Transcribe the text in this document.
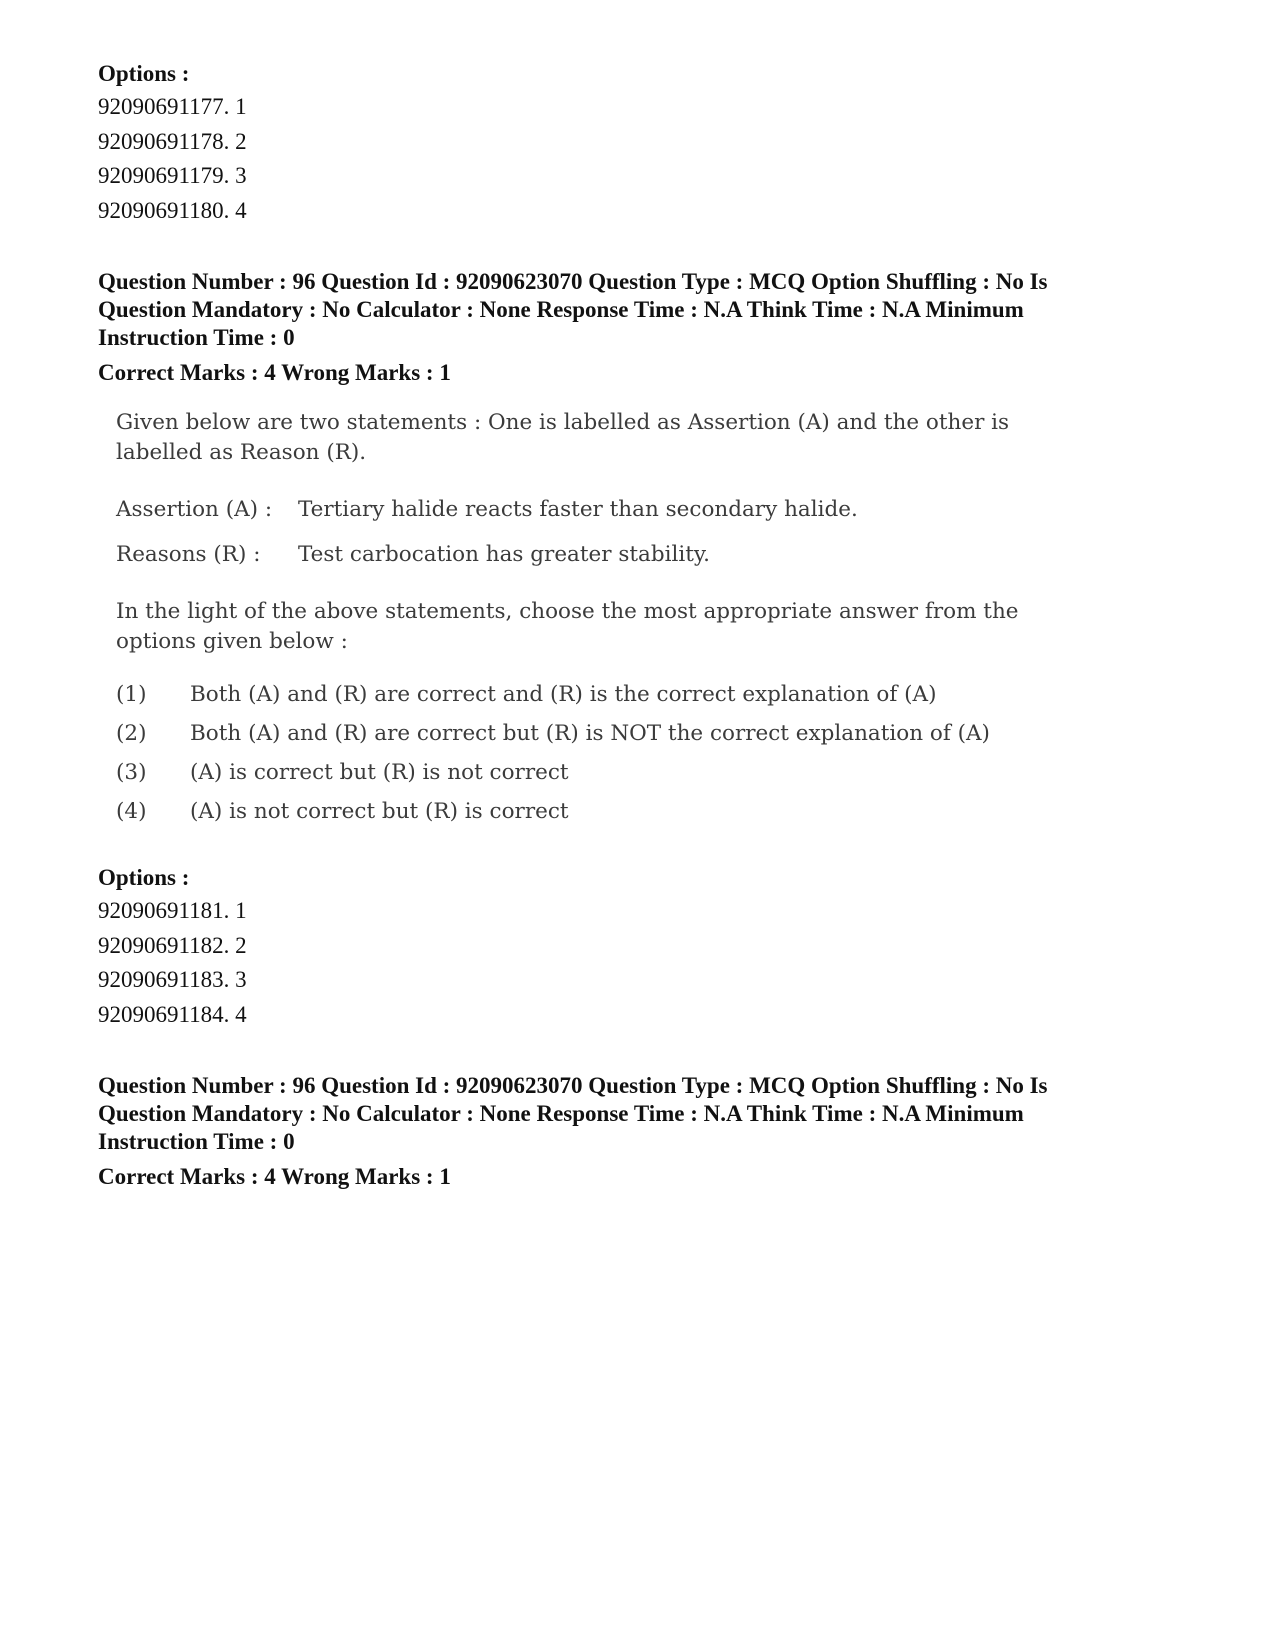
Options :

92090691177. 1

92090691178. 2

92090691179. 3

92090691180. 4

Question Number : 96 Question Id : 92090623070 Question Type : MCQ Option Shuffling : No Is

Question Mandatory : No Calculator : None Response Time : N.A Think Time : N.A Minimum

Instruction Time : 0

Correct Marks : 4 Wrong Marks : 1

Given below are two statements : One is labelled as Assertion (A) and the other is

labelled as Reason (R).

Assertion (A) :	Tertiary halide reacts faster than secondary halide.
Reasons (R) :	Test carbocation has greater stability.

In the light of the above statements, choose the most appropriate answer from the

options given below :

(1)	Both (A) and (R) are correct and (R) is the correct explanation of (A)
(2)	Both (A) and (R) are correct but (R) is NOT the correct explanation of (A)
(3)	(A) is correct but (R) is not correct
(4)	(A) is not correct but (R) is correct

Options :

92090691181. 1

92090691182. 2

92090691183. 3

92090691184. 4

Question Number : 96 Question Id : 92090623070 Question Type : MCQ Option Shuffling : No Is

Question Mandatory : No Calculator : None Response Time : N.A Think Time : N.A Minimum

Instruction Time : 0

Correct Marks : 4 Wrong Marks : 1
